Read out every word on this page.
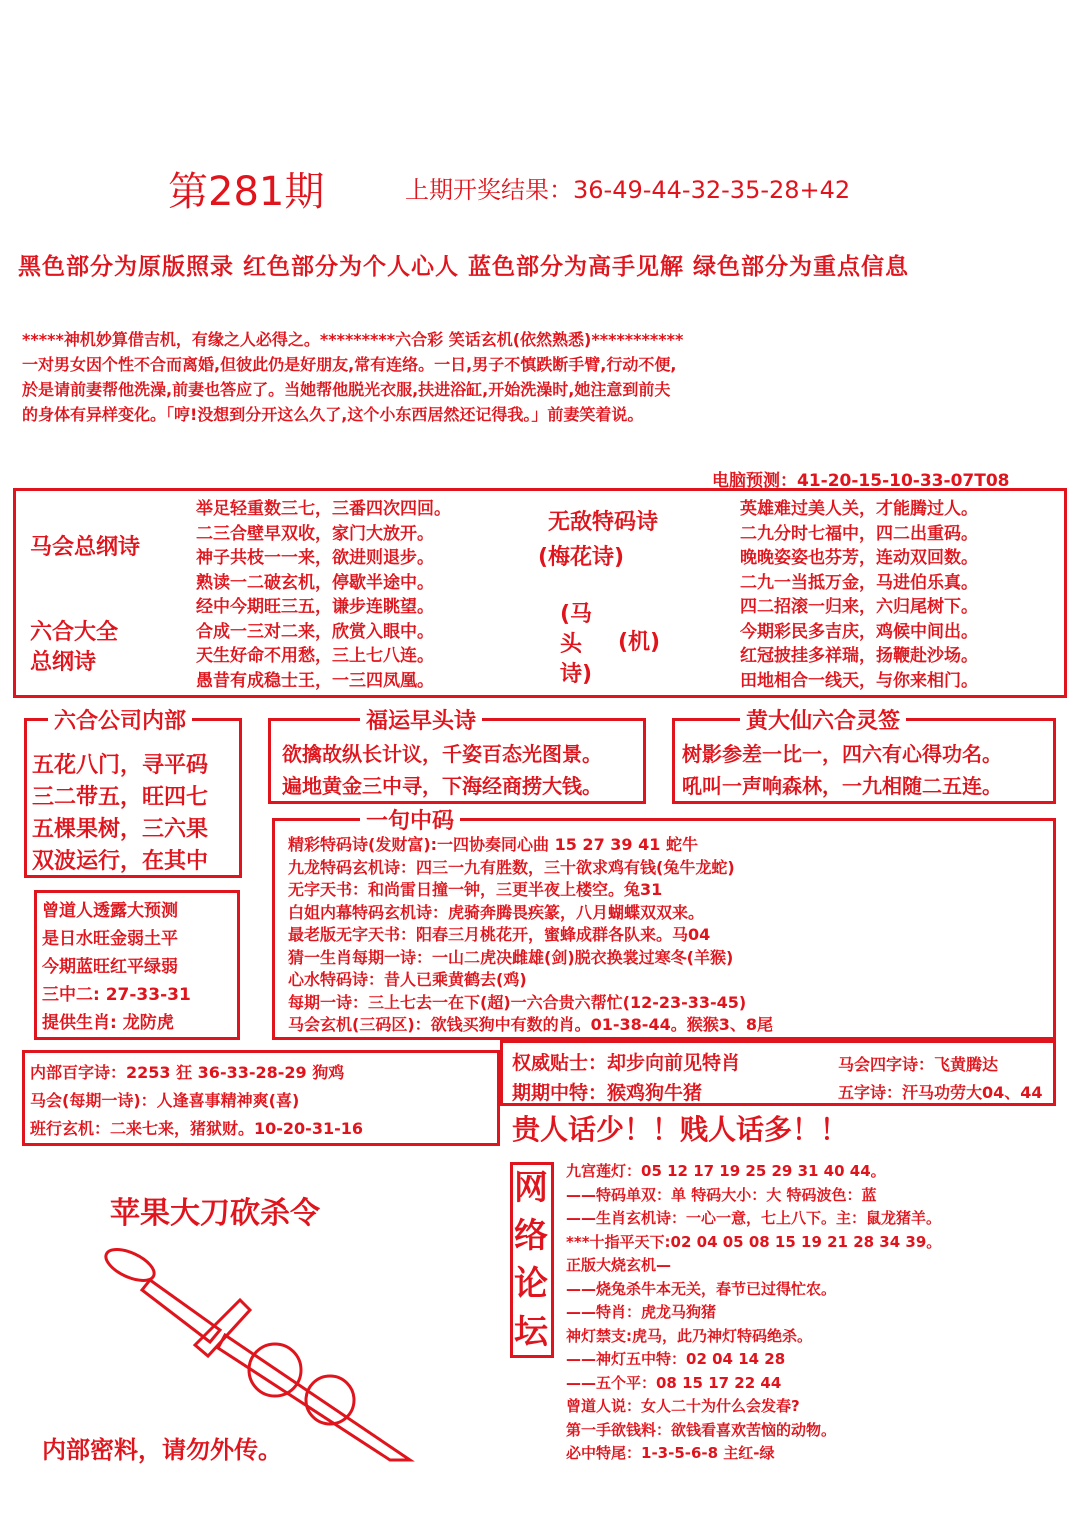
第281期	上期开奖结果：36-49-44-32-35-28+42
黑色部分为原版照录 红色部分为个人心人 蓝色部分为高手见解 绿色部分为重点信息
*****神机妙算借吉机，有缘之人必得之。*********六合彩 笑话玄机(依然熟悉)***********
一对男女因个性不合而离婚,但彼此仍是好朋友,常有连络。一日,男子不慎跌断手臂,行动不便,
於是请前妻帮他洗澡,前妻也答应了。当她帮他脱光衣服,扶进浴缸,开始洗澡时,她注意到前夫
的身体有异样变化。「哼!没想到分开这么久了,这个小东西居然还记得我。」前妻笑着说。
电脑预测：41-20-15-10-33-07T08
马会总纲诗
六合大全
总纲诗
举足轻重数三七，三番四次四回。
二三合壁早双收，家门大放开。
神子共枝一一来，欲进则退步。
熟读一二破玄机，停歇半途中。
经中今期旺三五，谦步连眺望。
合成一三对二来，欣赏入眼中。
天生好命不用愁，三上七八连。
愚昔有成稳士王，一三四凤凰。
无敌特码诗
(梅花诗)
(马 头 诗)
(机)
英雄难过美人关，才能腾过人。
二九分时七福中，四二出重码。
晚晚姿姿也芬芳，连动双回数。
二九一当抵万金，马进伯乐真。
四二招滚一归来，六归尾树下。
今期彩民多吉庆，鸡候中间出。
红冠披挂多祥瑞，扬鞭赴沙场。
田地相合一线天，与你来相门。
六合公司内部
五花八门，寻平码
三二带五，旺四七
五棵果树，三六果
双波运行，在其中
福运早头诗
欲擒故纵长计议，千姿百态光图景。
遍地黄金三中寻，下海经商捞大钱。
黄大仙六合灵签
树影参差一比一，四六有心得功名。
吼叫一声响森林，一九相随二五连。
一句中码
精彩特码诗(发财富):一四协奏同心曲 15 27 39 41 蛇牛
九龙特码玄机诗：四三一九有胜数，三十欲求鸡有钱(兔牛龙蛇)
无字天书：和尚雷日撞一钟，三更半夜上楼空。兔31
白姐内幕特码玄机诗：虎骑奔腾畏疾篆，八月蝴蝶双双来。
最老版无字天书：阳春三月桃花开，蜜蜂成群各队来。马04
猜一生肖每期一诗：一山二虎决雌雄(剑)脱衣换裳过寒冬(羊猴)
心水特码诗：昔人已乘黄鹤去(鸡)
每期一诗：三上七去一在下(超)一六合贵六帮忙(12-23-33-45)
马会玄机(三码区)：欲钱买狗中有数的肖。01-38-44。猴猴3、8尾
曾道人透露大预测
是日水旺金弱土平
今期蓝旺红平绿弱
三中二: 27-33-31
提供生肖: 龙防虎
内部百字诗：2253 狂 36-33-28-29 狗鸡
马会(每期一诗)：人逢喜事精神爽(喜)
班行玄机：二来七来，猪狱财。10-20-31-16
权威贴士：却步向前见特肖	马会四字诗：飞黄腾达
期期中特：猴鸡狗牛猪	五字诗：汗马功劳大04、44
贵人话少！！贱人话多！！
网络论坛
九宫莲灯：05 12 17 19 25 29 31 40 44。
——特码单双：单 特码大小：大 特码波色：蓝
——生肖玄机诗：一心一意，七上八下。主：鼠龙猪羊。
***十指平天下:02 04 05 08 15 19 21 28 34 39。
正版大烧玄机—
——烧兔杀牛本无关，春节已过得忙农。
——特肖：虎龙马狗猪
神灯禁支:虎马，此乃神灯特码绝杀。
——神灯五中特：02 04 14 28
——五个平：08 15 17 22 44
曾道人说：女人二十为什么会发春?
第一手欲钱料：欲钱看喜欢苦恼的动物。
必中特尾：1-3-5-6-8 主红-绿
苹果大刀砍杀令
内部密料，请勿外传。
